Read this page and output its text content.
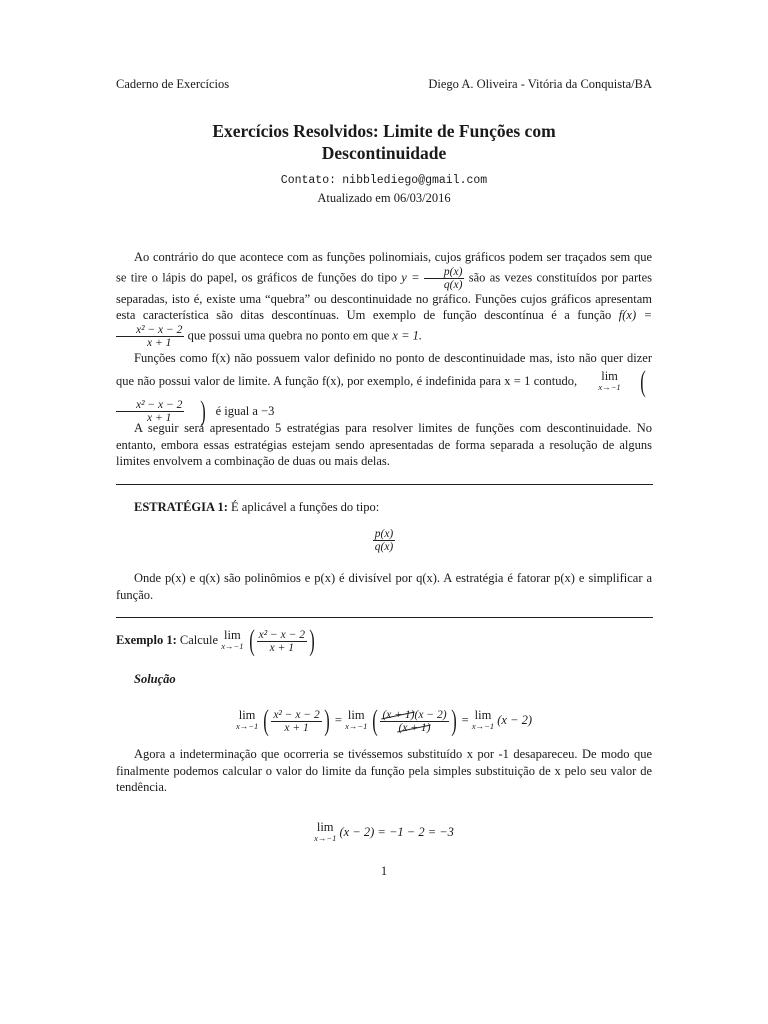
Caderno de Exercícios	Diego A. Oliveira - Vitória da Conquista/BA
Exercícios Resolvidos: Limite de Funções com
Descontinuidade
Contato: nibblediego@gmail.com
Atualizado em 06/03/2016
Ao contrário do que acontece com as funções polinomiais, cujos gráficos podem ser traçados sem que se tire o lápis do papel, os gráficos de funções do tipo $y = \frac{p(x)}{q(x)}$ são as vezes constituídos por partes separadas, isto é, existe uma “quebra” ou descontinuidade no gráfico. Funções cujos gráficos apresentam esta característica são ditas descontínuas. Um exemplo de função descontínua é a função f(x) =
$\frac{\text{x² − x − 2}}{x + 1}$ que possui uma quebra no ponto em que x = 1.
Funções como f(x) não possuem valor definido no ponto de descontinuidade mas, isto não quer dizer que não possui valor de limite. A função f(x), por exemplo, é indefinida para x = 1 contudo,	lim
x→−1 (
$\frac{\text{x² − x − 2}}{x + 1}$ ) é igual a −3
A seguir será apresentado 5 estratégias para resolver limites de funções com descontinuidade. No entanto, embora essas estratégias estejam sendo apresentadas de forma separada a resolução de alguns limites envolvem a combinação de duas ou mais delas.
ESTRATÉGIA 1: É aplicável a funções do tipo:
$\frac{p(x)}{q(x)}$
Onde p(x) e q(x) são polinômios e p(x) é divisível por q(x). A estratégia é fatorar p(x) e simplificar a função.
Exemplo 1: Calcule lim
x→−1 ( $\frac{\text{x² − x − 2}}{x + 1}$ )
Solução
lim
x→−1 ( $\frac{\text{x² − x − 2}}{x + 1}$ ) = lim
x→−1 ( $\frac{(x + 1)(x - 2)}{(x + 1)}$ ) = lim
x→−1 (x − 2)
Agora a indeterminação que ocorreria se tivéssemos substituído x por -1 desapareceu. De modo que finalmente podemos calcular o valor do limite da função pela simples substituição de x pelo seu valor de tendência.
lim
x→−1 (x − 2) = −1 − 2 = −3
1
